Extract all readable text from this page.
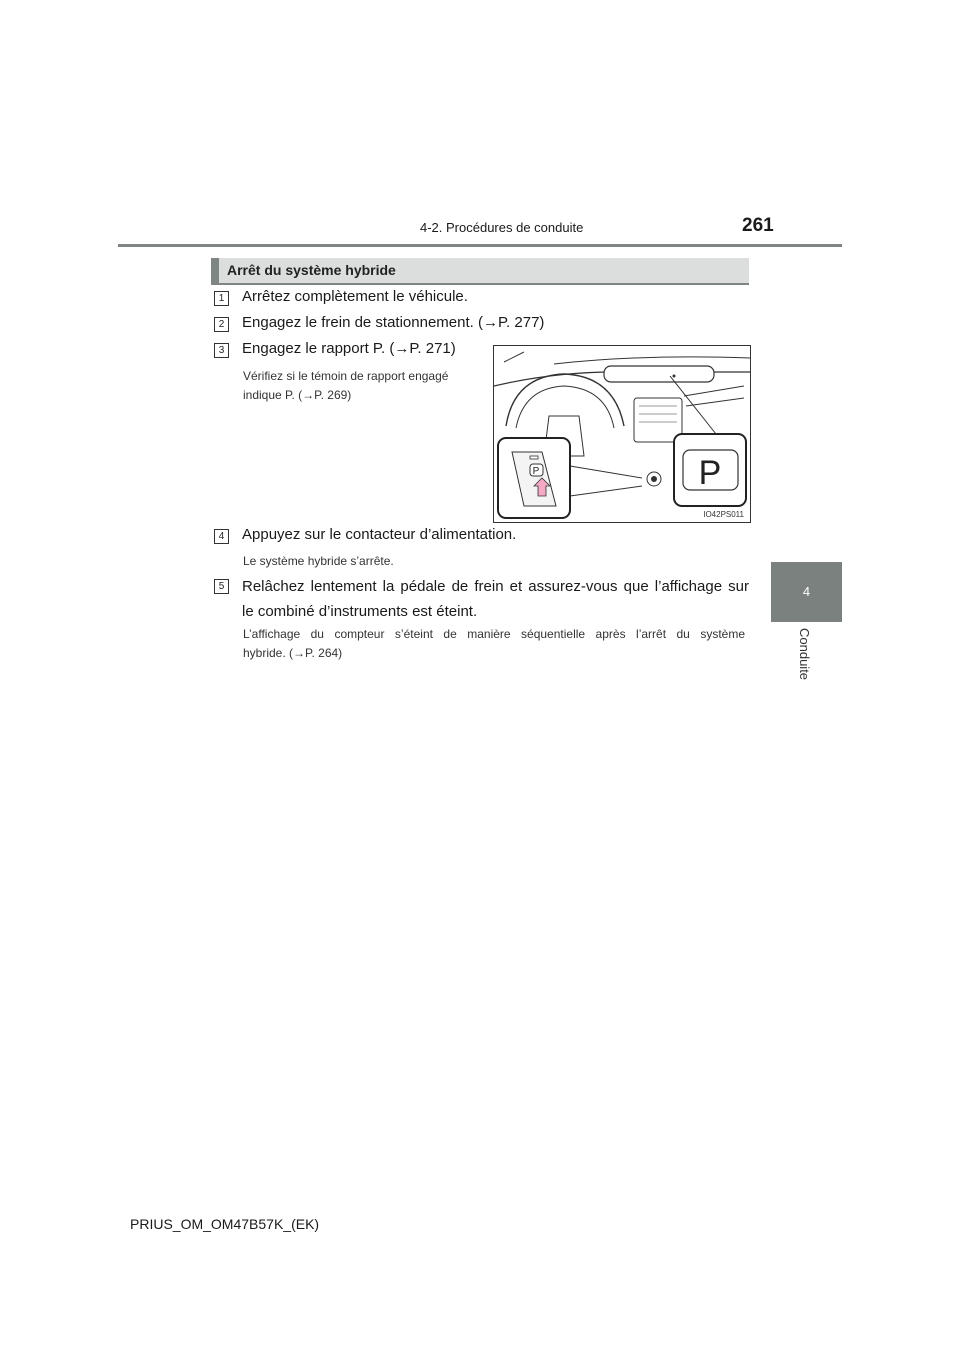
4-2. Procédures de conduite	261
4
Conduite
Arrêt du système hybride
1	Arrêtez complètement le véhicule.
2	Engagez le frein de stationnement. (→P. 277)
3	Engagez le rapport P. (→P. 271)
Vérifiez si le témoin de rapport engagé
indique P. (→P. 269)
P	P
IO42PS011
4	Appuyez sur le contacteur d’alimentation.
Le système hybride s’arrête.
5	Relâchez lentement la pédale de frein et assurez-vous que l’affichage sur
le combiné d’instruments est éteint.
L’affichage du compteur s’éteint de manière séquentielle après l’arrêt du système
hybride. (→P. 264)
PRIUS_OM_OM47B57K_(EK)
